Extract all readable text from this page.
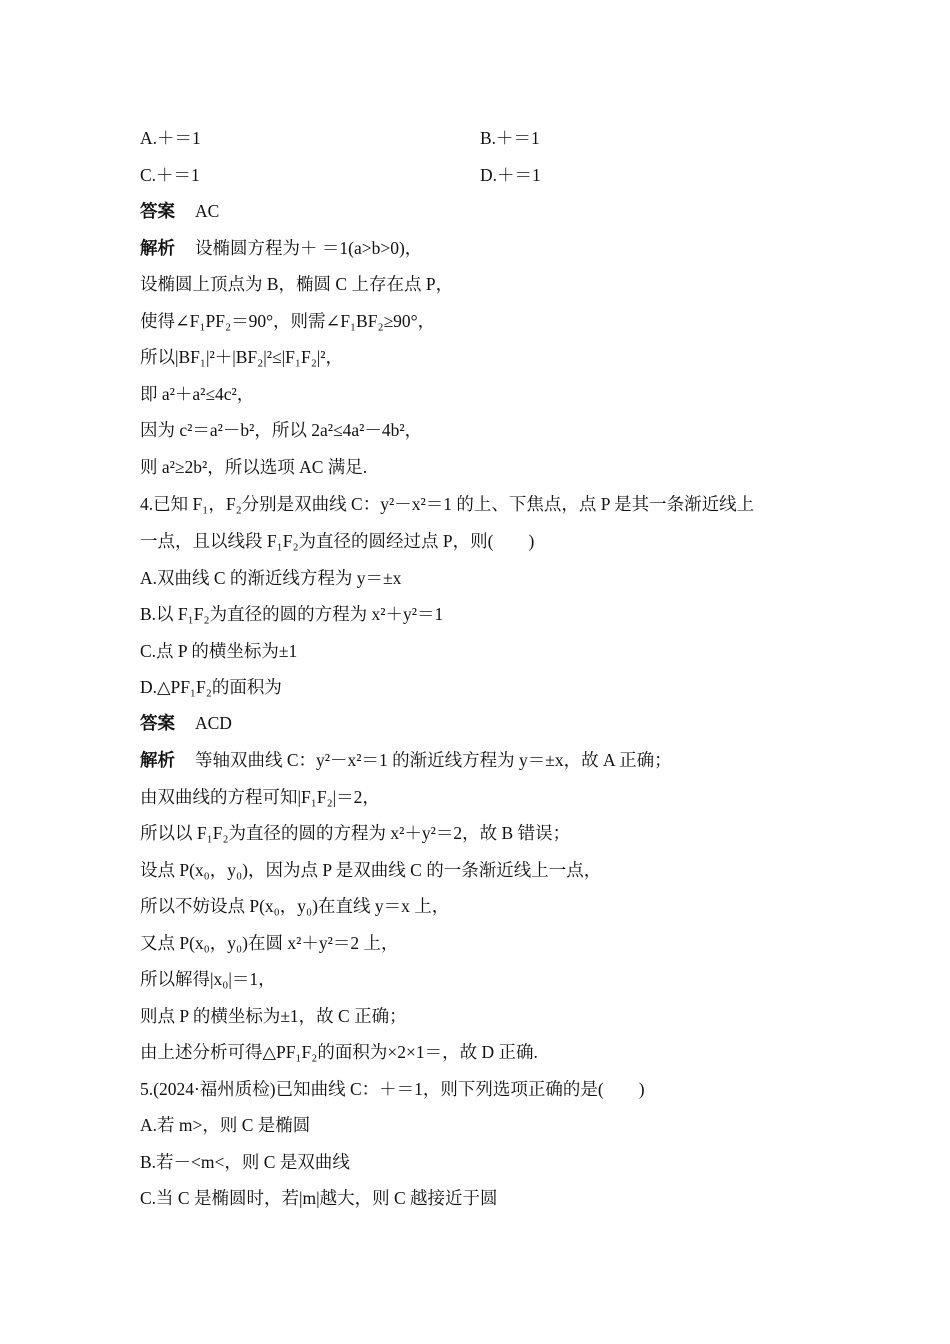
A.＋＝1	B.＋＝1
C.＋＝1	D.＋＝1
答案 AC
解析 设椭圆方程为＋ ＝1(a>b>0)，
设椭圆上顶点为 B，椭圆 C 上存在点 P，
使得∠F₁PF₂＝90°，则需∠F₁BF₂≥90°，
所以|BF₁|²＋|BF₂|²≤|F₁F₂|²，
即 a²＋a²≤4c²，
因为 c²＝a²－b²，所以 2a²≤4a²－4b²，
则 a²≥2b²，所以选项 AC 满足.
4.已知 F₁，F₂分别是双曲线 C：y²－x²＝1 的上、下焦点，点 P 是其一条渐近线上
一点，且以线段 F₁F₂为直径的圆经过点 P，则(　　)
A.双曲线 C 的渐近线方程为 y＝±x
B.以 F₁F₂为直径的圆的方程为 x²＋y²＝1
C.点 P 的横坐标为±1
D.△PF₁F₂的面积为
答案 ACD
解析 等轴双曲线 C：y²－x²＝1 的渐近线方程为 y＝±x，故 A 正确；
由双曲线的方程可知|F₁F₂|＝2，
所以以 F₁F₂为直径的圆的方程为 x²＋y²＝2，故 B 错误；
设点 P(x₀，y₀)，因为点 P 是双曲线 C 的一条渐近线上一点，
所以不妨设点 P(x₀，y₀)在直线 y＝x 上，
又点 P(x₀，y₀)在圆 x²＋y²＝2 上，
所以解得|x₀|＝1，
则点 P 的横坐标为±1，故 C 正确；
由上述分析可得△PF₁F₂的面积为×2×1＝，故 D 正确.
5.(2024·福州质检)已知曲线 C：＋＝1，则下列选项正确的是(　　)
A.若 m>，则 C 是椭圆
B.若－<m<，则 C 是双曲线
C.当 C 是椭圆时，若|m|越大，则 C 越接近于圆
